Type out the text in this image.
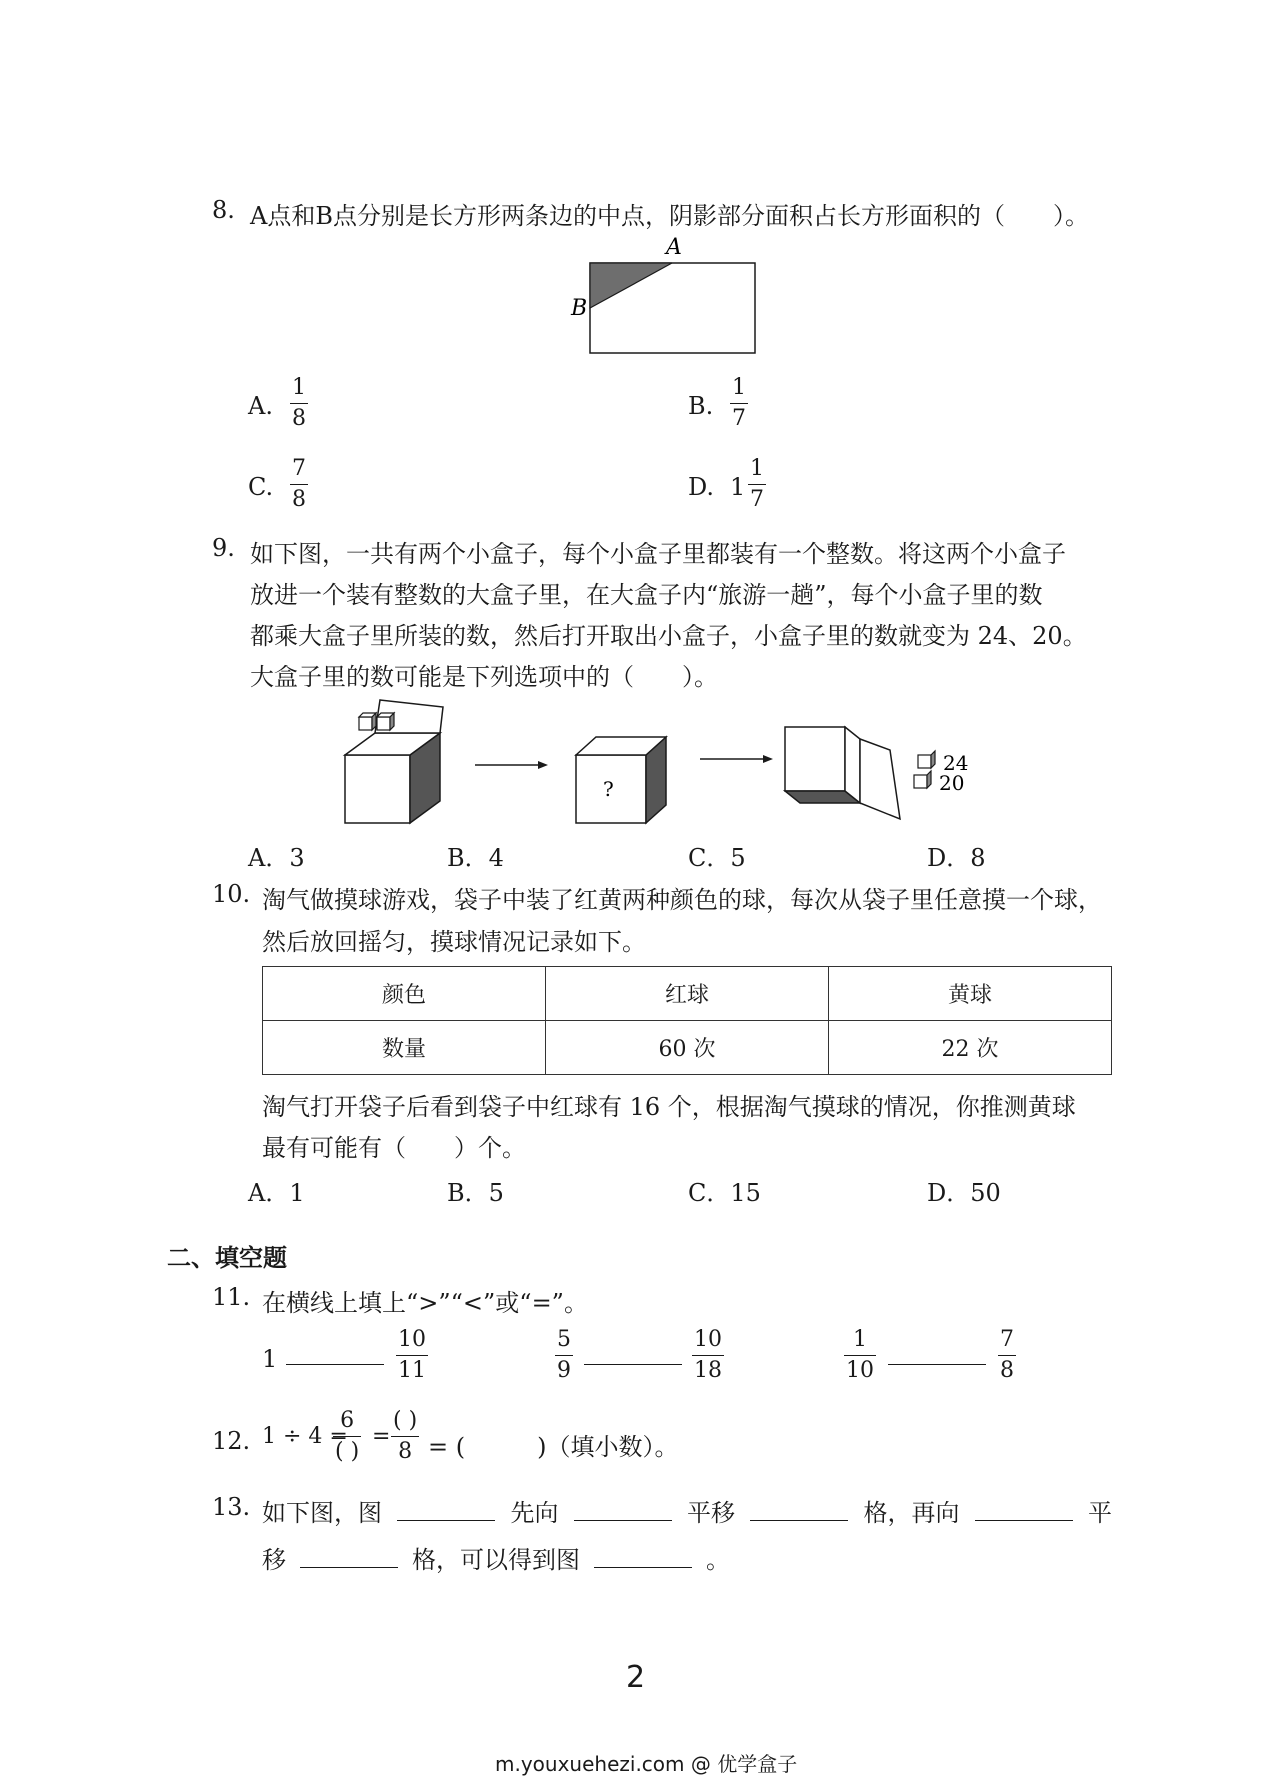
8. A点和B点分别是长方形两条边的中点，阴影部分面积占长方形面积的（　　）。
A
B
A.
1
8	B.
1
7
C.
7
8	D. 1
1
7
9. 如下图，一共有两个小盒子，每个小盒子里都装有一个整数。将这两个小盒子
放进一个装有整数的大盒子里，在大盒子内“旅游一趟”，每个小盒子里的数
都乘大盒子里所装的数，然后打开取出小盒子，小盒子里的数就变为 24、20。
大盒子里的数可能是下列选项中的（　　）。
?
24
20
A．3	B．4	C．5	D．8
10. 淘气做摸球游戏，袋子中装了红黄两种颜色的球，每次从袋子里任意摸一个球，
然后放回摇匀，摸球情况记录如下。
颜色	红球	黄球
数量	60 次	22 次
淘气打开袋子后看到袋子中红球有 16 个，根据淘气摸球的情况，你推测黄球
最有可能有（　　）个。
A．1	B．5	C．15	D．50
二、填空题
11. 在横线上填上“>”“<”或“=”。
1
10
11
5
9
10
18
1
10
7
8
12. 1 ÷ 4 =
6
( )
=
( )
8 = (　　　)（填小数）。
13. 如下图，图	先向	平移	格，再向	平
移	格，可以得到图	。
2
m.youxuehezi.com @ 优学盒子
